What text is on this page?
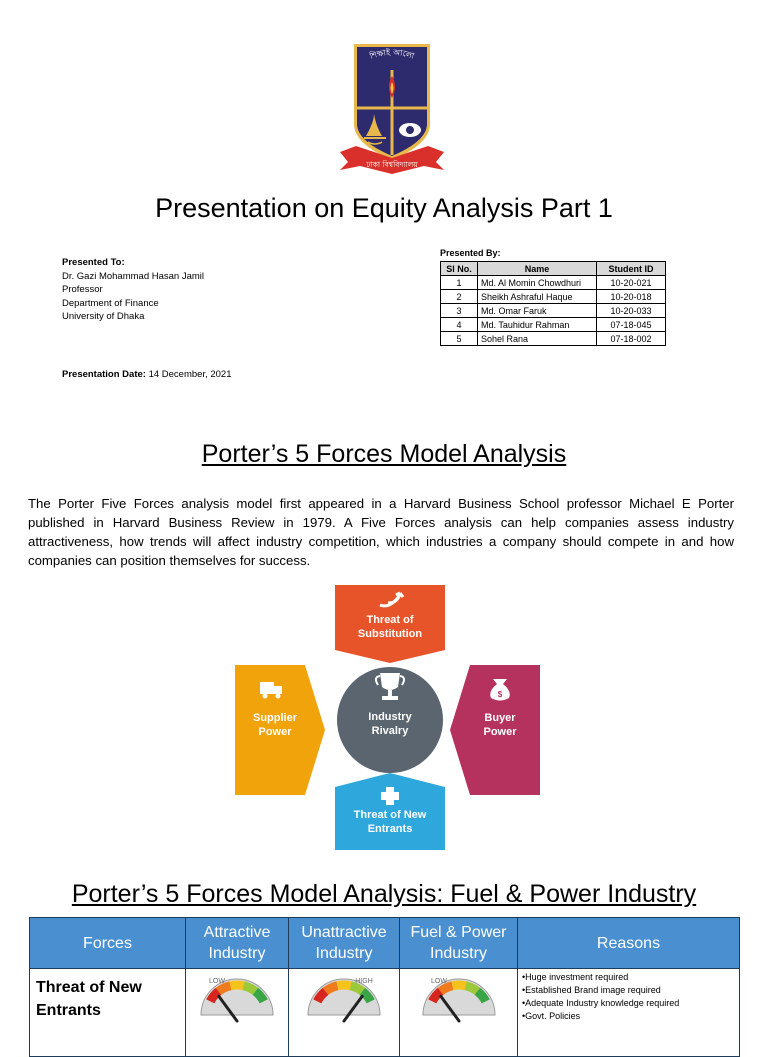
শিক্ষাই আলো
ঢাকা বিশ্ববিদ্যালয়
Presentation on Equity Analysis Part 1
Presented To:
Dr. Gazi Mohammad Hasan Jamil
Professor
Department of Finance
University of Dhaka
Presented By:
Sl No.	Name	Student ID
1	Md. Al Momin Chowdhuri	10-20-021
2	Sheikh Ashraful Haque	10-20-018
3	Md. Omar Faruk	10-20-033
4	Md. Tauhidur Rahman	07-18-045
5	Sohel Rana	07-18-002
Presentation Date: 14 December, 2021
Porter’s 5 Forces Model Analysis
The Porter Five Forces analysis model first appeared in a Harvard Business School professor Michael E Porter published in Harvard Business Review in 1979. A Five Forces analysis can help companies assess industry attractiveness, how trends will affect industry competition, which industries a company should compete in and how companies can position themselves for success.
Threat of
Substitution
Supplier
Power
$
Buyer
Power
Threat of New
Entrants
Industry
Rivalry
Porter’s 5 Forces Model Analysis: Fuel & Power Industry
Forces	Attractive Industry	Unattractive Industry	Fuel & Power Industry	Reasons
Threat of New Entrants	LOW	HIGH	LOW	•Huge investment required
•Established Brand image required
•Adequate Industry knowledge required
•Govt. Policies
